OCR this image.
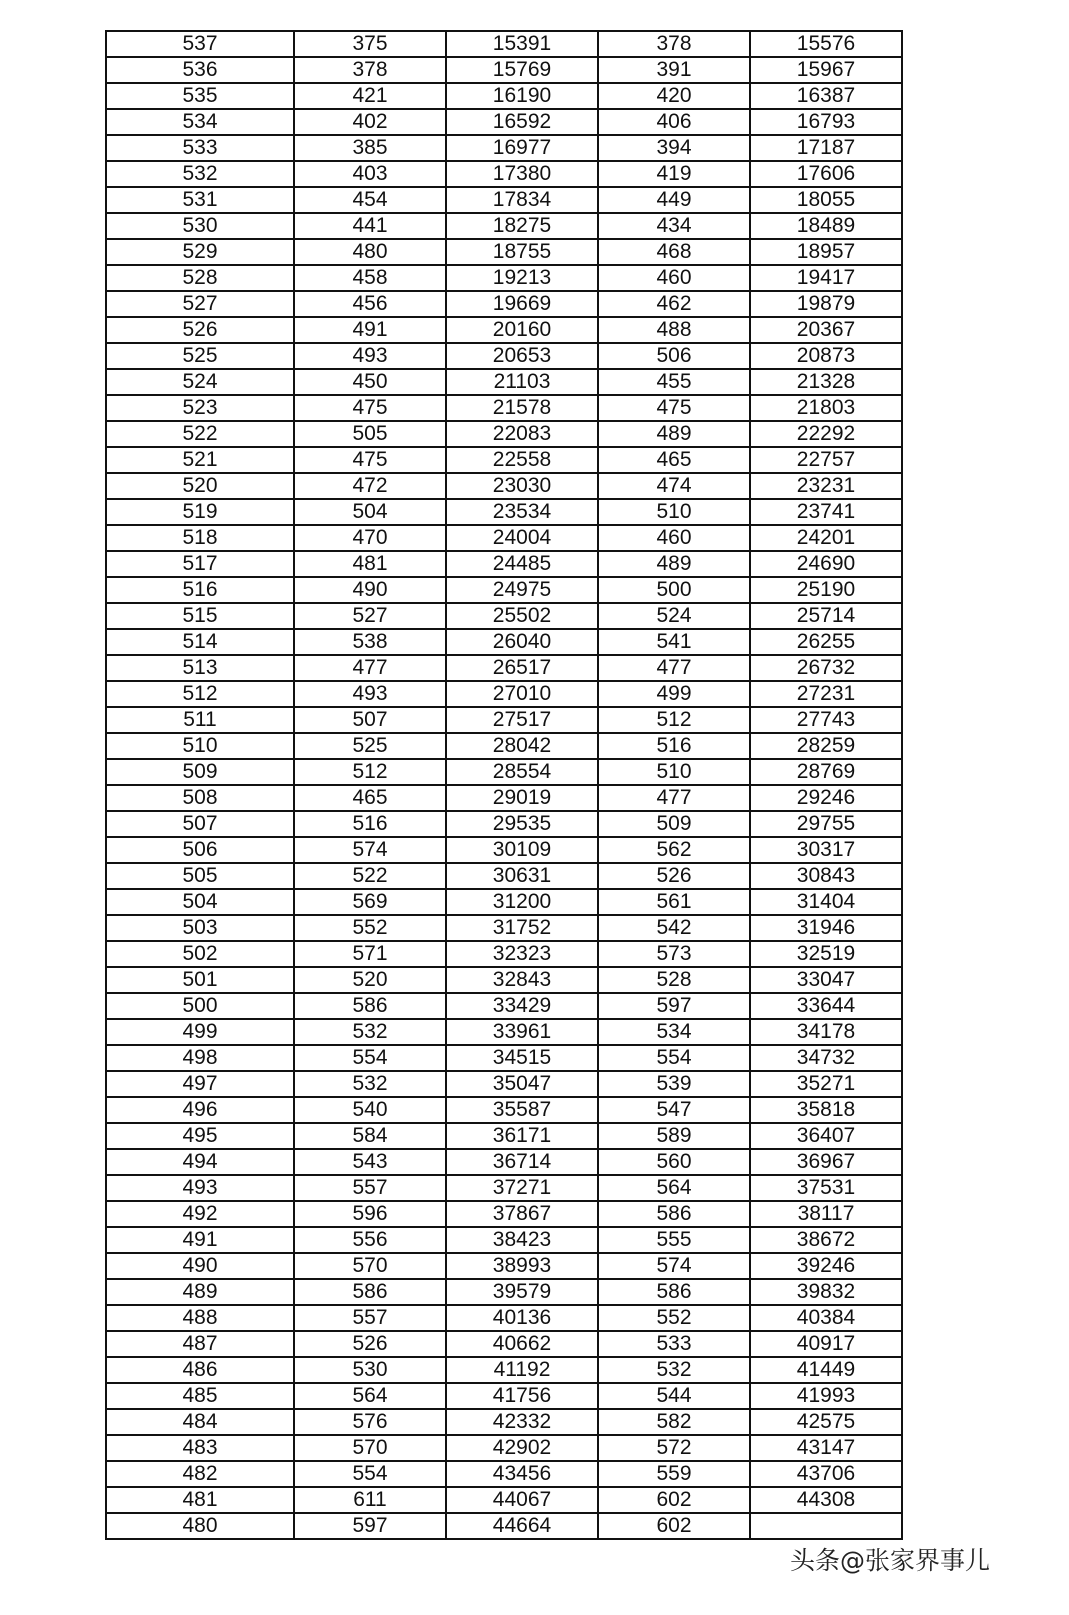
537	375	15391	378	15576
536	378	15769	391	15967
535	421	16190	420	16387
534	402	16592	406	16793
533	385	16977	394	17187
532	403	17380	419	17606
531	454	17834	449	18055
530	441	18275	434	18489
529	480	18755	468	18957
528	458	19213	460	19417
527	456	19669	462	19879
526	491	20160	488	20367
525	493	20653	506	20873
524	450	21103	455	21328
523	475	21578	475	21803
522	505	22083	489	22292
521	475	22558	465	22757
520	472	23030	474	23231
519	504	23534	510	23741
518	470	24004	460	24201
517	481	24485	489	24690
516	490	24975	500	25190
515	527	25502	524	25714
514	538	26040	541	26255
513	477	26517	477	26732
512	493	27010	499	27231
511	507	27517	512	27743
510	525	28042	516	28259
509	512	28554	510	28769
508	465	29019	477	29246
507	516	29535	509	29755
506	574	30109	562	30317
505	522	30631	526	30843
504	569	31200	561	31404
503	552	31752	542	31946
502	571	32323	573	32519
501	520	32843	528	33047
500	586	33429	597	33644
499	532	33961	534	34178
498	554	34515	554	34732
497	532	35047	539	35271
496	540	35587	547	35818
495	584	36171	589	36407
494	543	36714	560	36967
493	557	37271	564	37531
492	596	37867	586	38117
491	556	38423	555	38672
490	570	38993	574	39246
489	586	39579	586	39832
488	557	40136	552	40384
487	526	40662	533	40917
486	530	41192	532	41449
485	564	41756	544	41993
484	576	42332	582	42575
483	570	42902	572	43147
482	554	43456	559	43706
481	611	44067	602	44308
480	597	44664	602	
头条@张家界事儿
